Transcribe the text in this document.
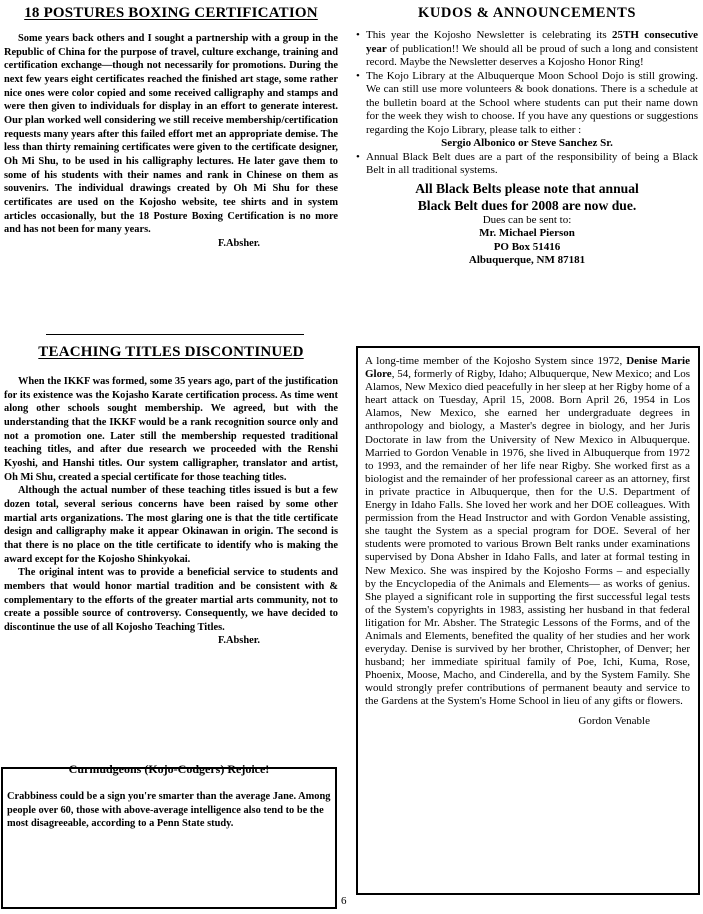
18 POSTURES BOXING CERTIFICATION

Some years back others and I sought a partnership with a group in the Republic of China for the purpose of travel, culture exchange, training and certification exchange—though not necessarily for promotions. During the next few years eight certificates reached the finished art stage, some rather nice ones were color copied and some received calligraphy and stamps and were then given to individuals for display in an effort to generate interest. Our plan worked well considering we still receive membership/certification requests many years after this failed effort met an appropriate demise. The less than thirty remaining certificates were given to the certificate designer, Oh Mi Shu, to be used in his calligraphy lectures. He later gave them to some of his students with their names and rank in Chinese on them as souvenirs. The individual drawings created by Oh Mi Shu for these certificates are used on the Kojosho website, tee shirts and in system articles occasionally, but the 18 Posture Boxing Certification is no more and has not been for many years.

F.Absher.
TEACHING TITLES DISCONTINUED

When the IKKF was formed, some 35 years ago, part of the justification for its existence was the Kojasho Karate certification process. As time went along other schools sought membership. We agreed, but with the understanding that the IKKF would be a rank recognition source only and not a promotion one. Later still the membership requested traditional teaching titles, and after due research we proceeded with the Renshi Kyoshi, and Hanshi titles. Our system calligrapher, translator and artist, Oh Mi Shu, created a special certificate for those teaching titles.

Although the actual number of these teaching titles issued is but a few dozen total, several serious concerns have been raised by some other martial arts organizations. The most glaring one is that the title certificate design and calligraphy make it appear Okinawan in origin. The second is that there is no place on the title certificate to identify who is making the award except for the Kojosho Shinkyokai.

The original intent was to provide a beneficial service to students and members that would honor martial tradition and be consistent with & complementary to the efforts of the greater martial arts community, not to create a possible source of controversy. Consequently, we have decided to discontinue the use of all Kojosho Teaching Titles.

F.Absher.
Curmudgeons (Kojo-Codgers) Rejoice!
Crabbiness could be a sign you're smarter than the average Jane. Among people over 60, those with above-average intelligence also tend to be the most disagreeable, according to a Penn State study.
KUDOS & ANNOUNCEMENTS

• This year the Kojosho Newsletter is celebrating its 25TH consecutive year of publication!! We should all be proud of such a long and consistent record. Maybe the Newsletter deserves a Kojosho Honor Ring!

• The Kojo Library at the Albuquerque Moon School Dojo is still growing. We can still use more volunteers & book donations. There is a schedule at the bulletin board at the School where students can put their name down for the week they wish to choose. If you have any questions or suggestions regarding the Kojo Library, please talk to either :

Sergio Albonico or Steve Sanchez Sr.

• Annual Black Belt dues are a part of the responsibility of being a Black Belt in all traditional systems.

All Black Belts please note that annual
Black Belt dues for 2008 are now due.
Dues can be sent to:
Mr. Michael Pierson
PO Box 51416
Albuquerque, NM 87181
A long-time member of the Kojosho System since 1972, Denise Marie Glore, 54, formerly of Rigby, Idaho; Albuquerque, New Mexico; and Los Alamos, New Mexico died peacefully in her sleep at her Rigby home of a heart attack on Tuesday, April 15, 2008. Born April 26, 1954 in Los Alamos, New Mexico, she earned her undergraduate degrees in anthropology and biology, a Master's degree in biology, and her Juris Doctorate in law from the University of New Mexico in Albuquerque. Married to Gordon Venable in 1976, she lived in Albuquerque from 1972 to 1993, and the remainder of her life near Rigby. She worked first as a biologist and the remainder of her professional career as an attorney, first in private practice in Albuquerque, then for the U.S. Department of Energy in Idaho Falls. She loved her work and her DOE colleagues. With permission from the Head Instructor and with Gordon Venable assisting, she taught the System as a special program for DOE. Several of her students were promoted to various Brown Belt ranks under examinations supervised by Dona Absher in Idaho Falls, and later at formal testing in New Mexico. She was inspired by the Kojosho Forms – and especially by the Encyclopedia of the Animals and Elements— as works of genius. She played a significant role in supporting the first successful legal tests of the System's copyrights in 1983, assisting her husband in that federal litigation for Mr. Absher. The Strategic Lessons of the Forms, and of the Animals and Elements, benefited the quality of her studies and her work everyday. Denise is survived by her brother, Christopher, of Denver; her husband; her immediate spiritual family of Poe, Ichi, Kuma, Rose, Phoenix, Moose, Macho, and Cinderella, and by the System Family. She would strongly prefer contributions of permanent beauty and service to the Gardens at the System's Home School in lieu of any gifts or flowers.
Gordon Venable
6
